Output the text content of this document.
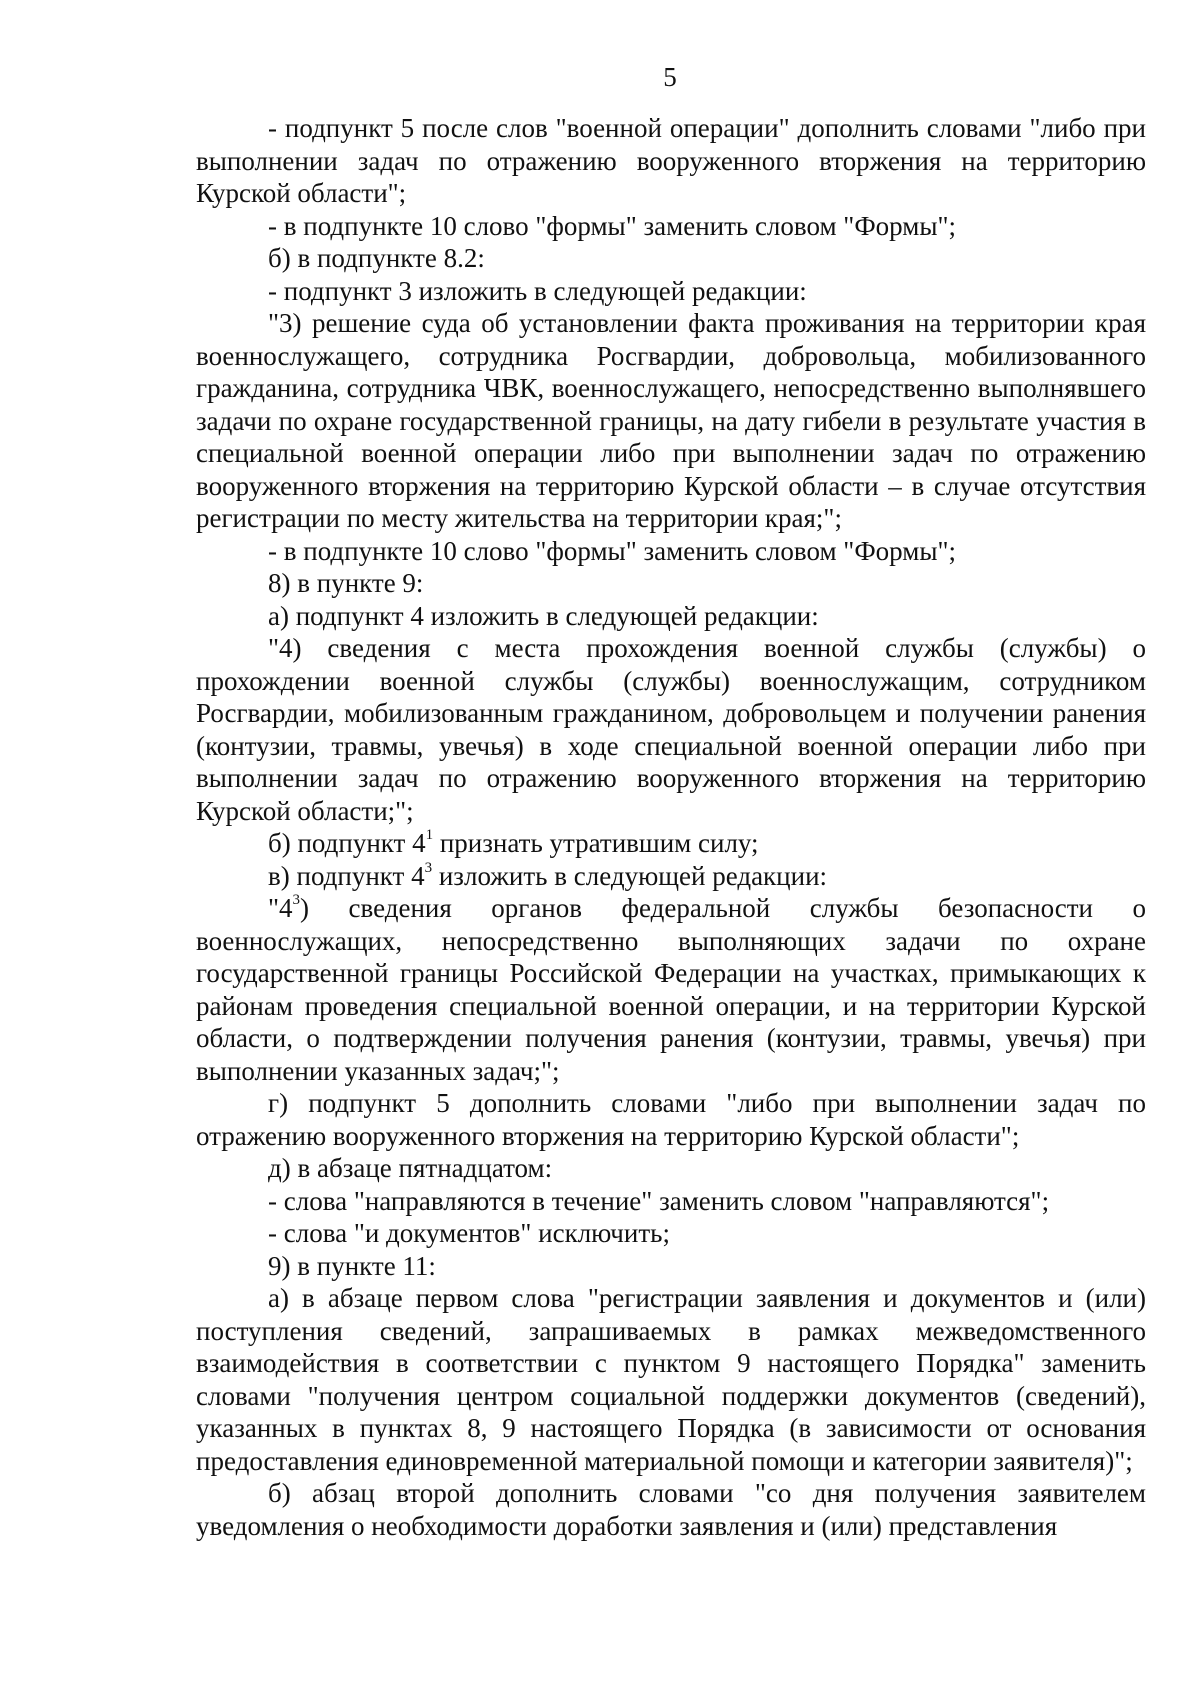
5

- подпункт 5 после слов "военной операции" дополнить словами "либо при выполнении задач по отражению вооруженного вторжения на территорию Курской области";

- в подпункте 10 слово "формы" заменить словом "Формы";

б) в подпункте 8.2:

- подпункт 3 изложить в следующей редакции:

"3) решение суда об установлении факта проживания на территории края военнослужащего, сотрудника Росгвардии, добровольца, мобилизованного гражданина, сотрудника ЧВК, военнослужащего, непосредственно выполнявшего задачи по охране государственной границы, на дату гибели в результате участия в специальной военной операции либо при выполнении задач по отражению вооруженного вторжения на территорию Курской области – в случае отсутствия регистрации по месту жительства на территории края;";

- в подпункте 10 слово "формы" заменить словом "Формы";

8) в пункте 9:

а) подпункт 4 изложить в следующей редакции:

"4) сведения с места прохождения военной службы (службы) о прохождении военной службы (службы) военнослужащим, сотрудником Росгвардии, мобилизованным гражданином, добровольцем и получении ранения (контузии, травмы, увечья) в ходе специальной военной операции либо при выполнении задач по отражению вооруженного вторжения на территорию Курской области;";

б) подпункт $4^1$ признать утратившим силу;

в) подпункт $4^3$ изложить в следующей редакции:

"$4^3$) сведения органов федеральной службы безопасности о военнослужащих, непосредственно выполняющих задачи по охране государственной границы Российской Федерации на участках, примыкающих к районам проведения специальной военной операции, и на территории Курской области, о подтверждении получения ранения (контузии, травмы, увечья) при выполнении указанных задач;";

г) подпункт 5 дополнить словами "либо при выполнении задач по отражению вооруженного вторжения на территорию Курской области";

д) в абзаце пятнадцатом:

- слова "направляются в течение" заменить словом "направляются";

- слова "и документов" исключить;

9) в пункте 11:

а) в абзаце первом слова "регистрации заявления и документов и (или) поступления сведений, запрашиваемых в рамках межведомственного взаимодействия в соответствии с пунктом 9 настоящего Порядка" заменить словами "получения центром социальной поддержки документов (сведений), указанных в пунктах 8, 9 настоящего Порядка (в зависимости от основания предоставления единовременной материальной помощи и категории заявителя)";

б) абзац второй дополнить словами "со дня получения заявителем уведомления о необходимости доработки заявления и (или) представления
